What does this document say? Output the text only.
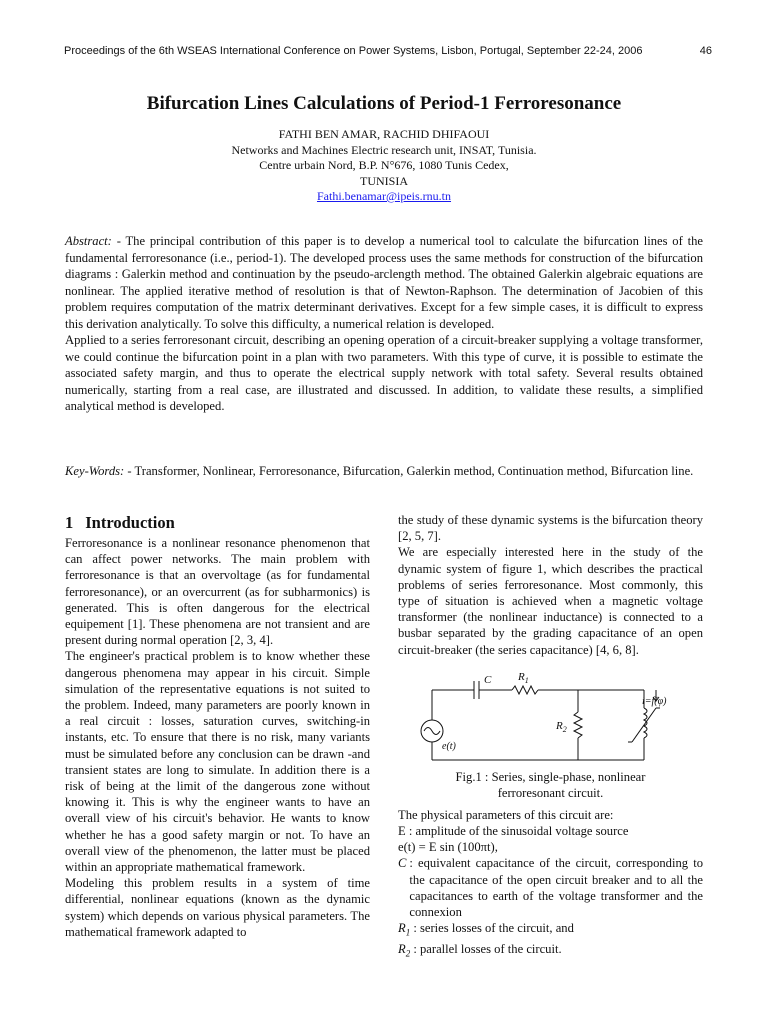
Proceedings of the 6th WSEAS International Conference on Power Systems, Lisbon, Portugal, September 22-24, 2006	46
Bifurcation Lines Calculations of Period-1 Ferroresonance
FATHI BEN AMAR, RACHID DHIFAOUI
Networks and Machines Electric research unit, INSAT, Tunisia.
Centre urbain Nord, B.P. N°676, 1080 Tunis Cedex,
TUNISIA
Fathi.benamar@ipeis.rnu.tn

Abstract: - The principal contribution of this paper is to develop a numerical tool to calculate the bifurcation lines of the fundamental ferroresonance (i.e., period-1). The developed process uses the same methods for construction of the bifurcation diagrams : Galerkin method and continuation by the pseudo-arclength method. The obtained Galerkin algebraic equations are nonlinear. The applied iterative method of resolution is that of Newton-Raphson. The determination of Jacobien of this problem requires computation of the matrix determinant derivatives. Except for a few simple cases, it is difficult to express this derivation analytically. To solve this difficulty, a numerical relation is developed.

Applied to a series ferroresonant circuit, describing an opening operation of a circuit-breaker supplying a voltage transformer, we could continue the bifurcation point in a plan with two parameters. With this type of curve, it is possible to estimate the associated safety margin, and thus to operate the electrical supply network with total safety. Several results obtained numerically, starting from a real case, are illustrated and discussed. In addition, to validate these results, a simplified analytical method is developed.

Key-Words: - Transformer, Nonlinear, Ferroresonance, Bifurcation, Galerkin method, Continuation method, Bifurcation line.

1 Introduction

Ferroresonance is a nonlinear resonance phenomenon that can affect power networks. The main problem with ferroresonance is that an overvoltage (as for fundamental ferroresonance), or an overcurrent (as for subharmonics) is generated. This is often dangerous for the electrical equipement [1]. These phenomena are not transient and are present during normal operation [2, 3, 4].

The engineer's practical problem is to know whether these dangerous phenomena may appear in his circuit. Simple simulation of the representative equations is not suited to the problem. Indeed, many parameters are poorly known in a real circuit : losses, saturation curves, switching-in instants, etc. To ensure that there is no risk, many variants must be simulated before any conclusion can be drawn -and transient states are long to simulate. In addition there is a risk of being at the limit of the dangerous zone without knowing it. This is why the engineer wants to have an overall view of his circuit's behavior. He wants to know whether he has a good safety margin or not. To have an overall view of the phenomenon, the latter must be placed within an appropriate mathematical framework.

Modeling this problem results in a system of time differential, nonlinear equations (known as the dynamic system) which depends on various physical parameters. The mathematical framework adapted to

the study of these dynamic systems is the bifurcation theory [2, 5, 7].

We are especially interested here in the study of the dynamic system of figure 1, which describes the practical problems of series ferroresonance. Most commonly, this type of situation is achieved when a magnetic voltage transformer (the nonlinear inductance) is connected to a busbar separated by the grading capacitance of an open circuit-breaker (the series capacitance) [4, 6, 8].

C $R_1$
$R_2$
i=f(φ)
e(t)
Fig.1 : Series, single-phase, nonlinear
ferroresonant circuit.

The physical parameters of this circuit are:

E : amplitude of the sinusoidal voltage source

e(t) = E sin (100πt),

C : equivalent capacitance of the circuit, corresponding to the capacitance of the open circuit breaker and to all the capacitances to earth of the voltage transformer and the connexion

$R_1$ : series losses of the circuit, and

$R_2$ : parallel losses of the circuit.
